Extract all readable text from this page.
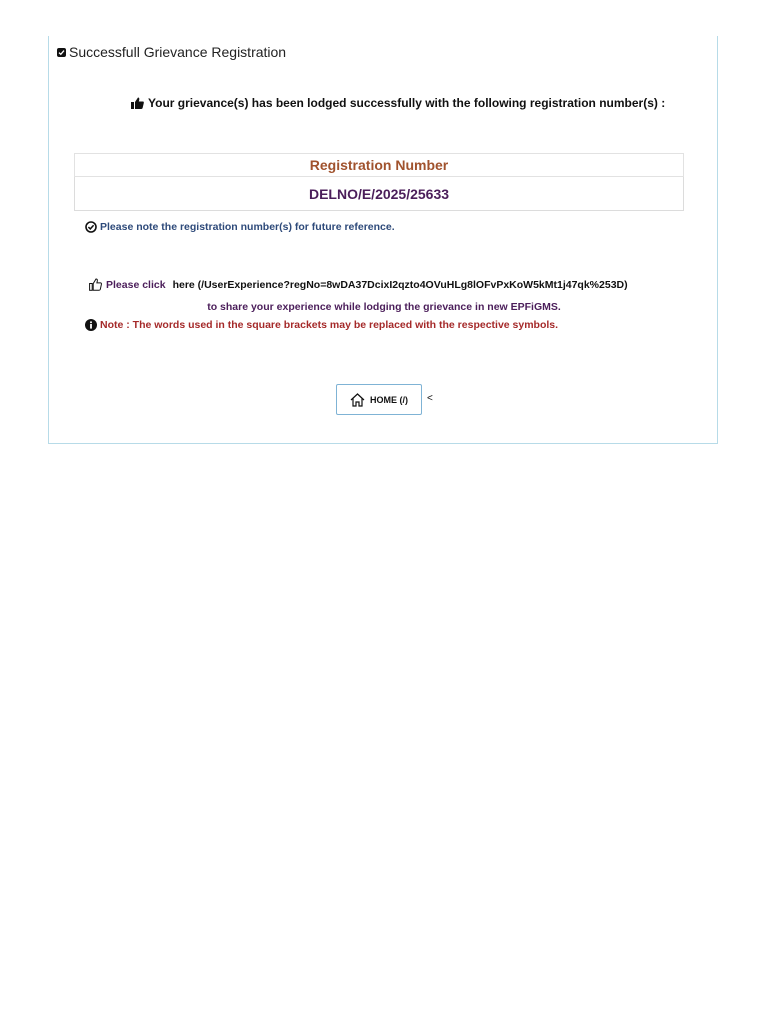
Successfull Grievance Registration
Your grievance(s) has been lodged successfully with the following registration number(s) :
Registration Number
DELNO/E/2025/25633
Please note the registration number(s) for future reference.
Please click here (/UserExperience?regNo=8wDA37DcixI2qzto4OVuHLg8lOFvPxKoW5kMt1j47qk%253D)
to share your experience while lodging the grievance in new EPFiGMS.
Note : The words used in the square brackets may be replaced with the respective symbols.
HOME (/) <
